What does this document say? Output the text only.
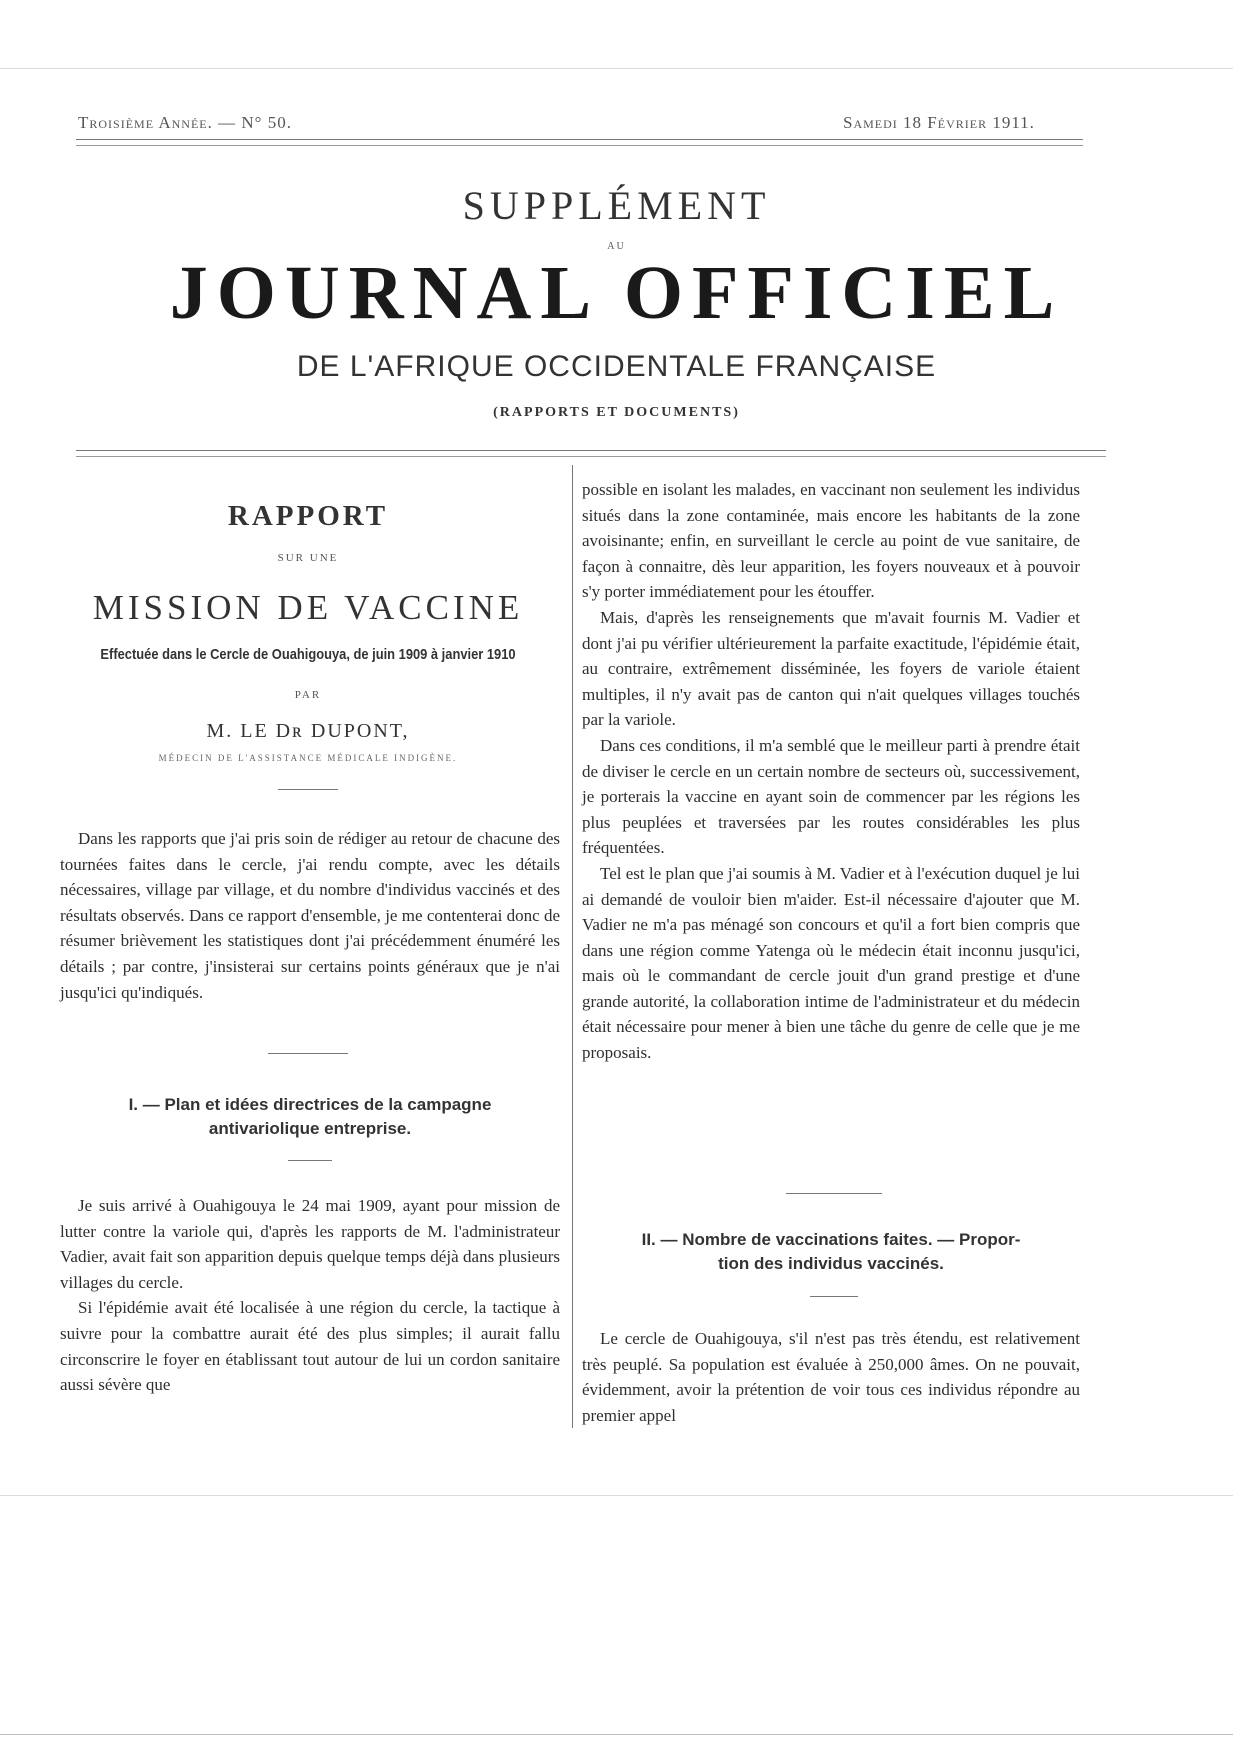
Troisième Année. — N° 50.	Samedi 18 Février 1911.
SUPPLÉMENT
AU
JOURNAL OFFICIEL
DE L'AFRIQUE OCCIDENTALE FRANÇAISE
(RAPPORTS ET DOCUMENTS)
RAPPORT
SUR UNE
MISSION DE VACCINE
Effectuée dans le Cercle de Ouahigouya, de juin 1909 à janvier 1910
PAR
M. LE Dʀ DUPONT,
MÉDECIN DE L'ASSISTANCE MÉDICALE INDIGÈNE.

Dans les rapports que j'ai pris soin de rédiger au retour de chacune des tournées faites dans le cercle, j'ai rendu compte, avec les détails nécessaires, village par village, et du nombre d'individus vaccinés et des résultats observés. Dans ce rapport d'ensemble, je me contenterai donc de résumer brièvement les statistiques dont j'ai précédemment énuméré les détails ; par contre, j'insisterai sur certains points généraux que je n'ai jusqu'ici qu'indiqués.

I. — Plan et idées directrices de la campagne
antivariolique entreprise.

Je suis arrivé à Ouahigouya le 24 mai 1909, ayant pour mission de lutter contre la variole qui, d'après les rapports de M. l'administrateur Vadier, avait fait son apparition depuis quelque temps déjà dans plusieurs villages du cercle.

Si l'épidémie avait été localisée à une région du cercle, la tactique à suivre pour la combattre aurait été des plus simples; il aurait fallu circonscrire le foyer en établissant tout autour de lui un cordon sanitaire aussi sévère que

possible en isolant les malades, en vaccinant non seulement les individus situés dans la zone contaminée, mais encore les habitants de la zone avoisinante; enfin, en surveillant le cercle au point de vue sanitaire, de façon à connaitre, dès leur apparition, les foyers nouveaux et à pouvoir s'y porter immédiatement pour les étouffer.

Mais, d'après les renseignements que m'avait fournis M. Vadier et dont j'ai pu vérifier ultérieurement la parfaite exactitude, l'épidémie était, au contraire, extrêmement disséminée, les foyers de variole étaient multiples, il n'y avait pas de canton qui n'ait quelques villages touchés par la variole.

Dans ces conditions, il m'a semblé que le meilleur parti à prendre était de diviser le cercle en un certain nombre de secteurs où, successivement, je porterais la vaccine en ayant soin de commencer par les régions les plus peuplées et traversées par les routes considérables les plus fréquentées.

Tel est le plan que j'ai soumis à M. Vadier et à l'exécution duquel je lui ai demandé de vouloir bien m'aider. Est-il nécessaire d'ajouter que M. Vadier ne m'a pas ménagé son concours et qu'il a fort bien compris que dans une région comme Yatenga où le médecin était inconnu jusqu'ici, mais où le commandant de cercle jouit d'un grand prestige et d'une grande autorité, la collaboration intime de l'administrateur et du médecin était nécessaire pour mener à bien une tâche du genre de celle que je me proposais.

II. — Nombre de vaccinations faites. — Propor-
tion des individus vaccinés.

Le cercle de Ouahigouya, s'il n'est pas très étendu, est relativement très peuplé. Sa population est évaluée à 250,000 âmes. On ne pouvait, évidemment, avoir la prétention de voir tous ces individus répondre au premier appel
